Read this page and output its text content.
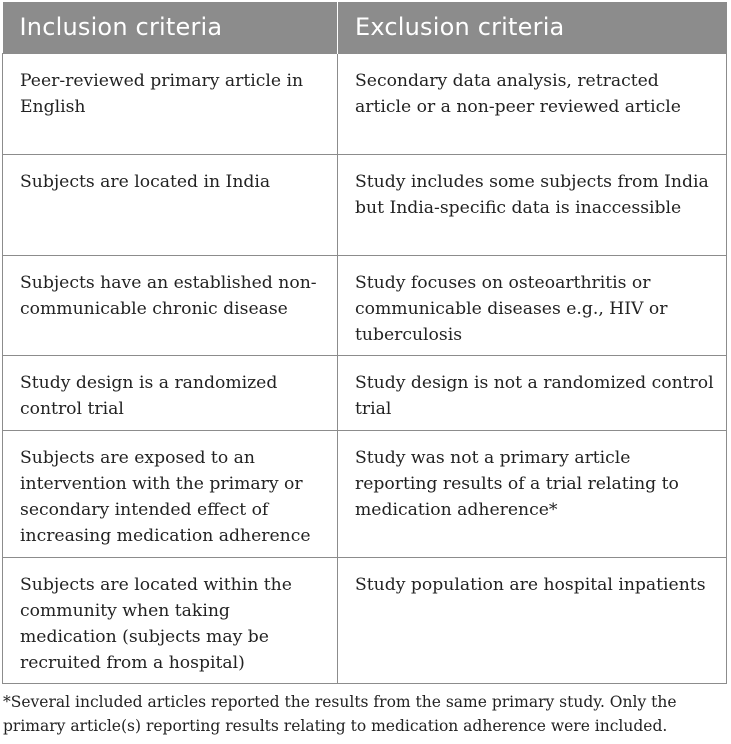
Inclusion criteria	Exclusion criteria
Peer-reviewed primary article in English	Secondary data analysis, retracted article or a non-peer reviewed article
Subjects are located in India	Study includes some subjects from India but India-specific data is inaccessible
Subjects have an established non-communicable chronic disease	Study focuses on osteoarthritis or communicable diseases e.g., HIV or tuberculosis
Study design is a randomized control trial	Study design is not a randomized control trial
Subjects are exposed to an intervention with the primary or secondary intended effect of increasing medication adherence	Study was not a primary article reporting results of a trial relating to medication adherence*
Subjects are located within the community when taking medication (subjects may be recruited from a hospital)	Study population are hospital inpatients
*Several included articles reported the results from the same primary study. Only the primary article(s) reporting results relating to medication adherence were included.
